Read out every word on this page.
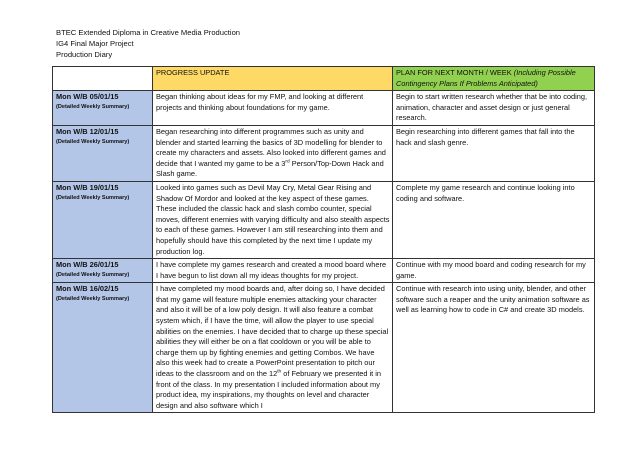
BTEC Extended Diploma in Creative Media Production
IG4 Final Major Project
Production Diary
	PROGRESS UPDATE	PLAN FOR NEXT MONTH / WEEK (Including Possible Contingency Plans If Problems Anticipated)

Mon W/B 05/01/15
(Detailed Weekly Summary)	Began thinking about ideas for my FMP, and looking at different projects and thinking about foundations for my game.	Begin to start written research whether that be into coding, animation, character and asset design or just general research.

Mon W/B 12/01/15
(Detailed Weekly Summary)	Began researching into different programmes such as unity and blender and started learning the basics of 3D modelling for blender to create my characters and assets. Also looked into different games and decide that I wanted my game to be a 3rd Person/Top-Down Hack and Slash game.	Begin researching into different games that fall into the hack and slash genre.

Mon W/B 19/01/15
(Detailed Weekly Summary)	Looked into games such as Devil May Cry, Metal Gear Rising and Shadow Of Mordor and looked at the key aspect of these games. These included the classic hack and slash combo counter, special moves, different enemies with varying difficulty and also stealth aspects to each of these games. However I am still researching into them and hopefully should have this completed by the next time I update my production log.	Complete my game research and continue looking into coding and software.

Mon W/B 26/01/15
(Detailed Weekly Summary)	I have complete my games research and created a mood board where I have begun to list down all my ideas thoughts for my project.	Continue with my mood board and coding research for my game.

Mon W/B 16/02/15
(Detailed Weekly Summary)	I have completed my mood boards and, after doing so, I have decided that my game will feature multiple enemies attacking your character and also it will be of a low poly design. It will also feature a combat system which, if I have the time, will allow the player to use special abilities on the enemies. I have decided that to charge up these special abilities they will either be on a flat cooldown or you will be able to charge them up by fighting enemies and getting Combos. We have also this week had to create a PowerPoint presentation to pitch our ideas to the classroom and on the 12th of February we presented it in front of the class. In my presentation I included information about my product idea, my inspirations, my thoughts on level and character design and also software which I	Continue with research into using unity, blender, and other software such a reaper and the unity animation software as well as learning how to code in C# and create 3D models.
